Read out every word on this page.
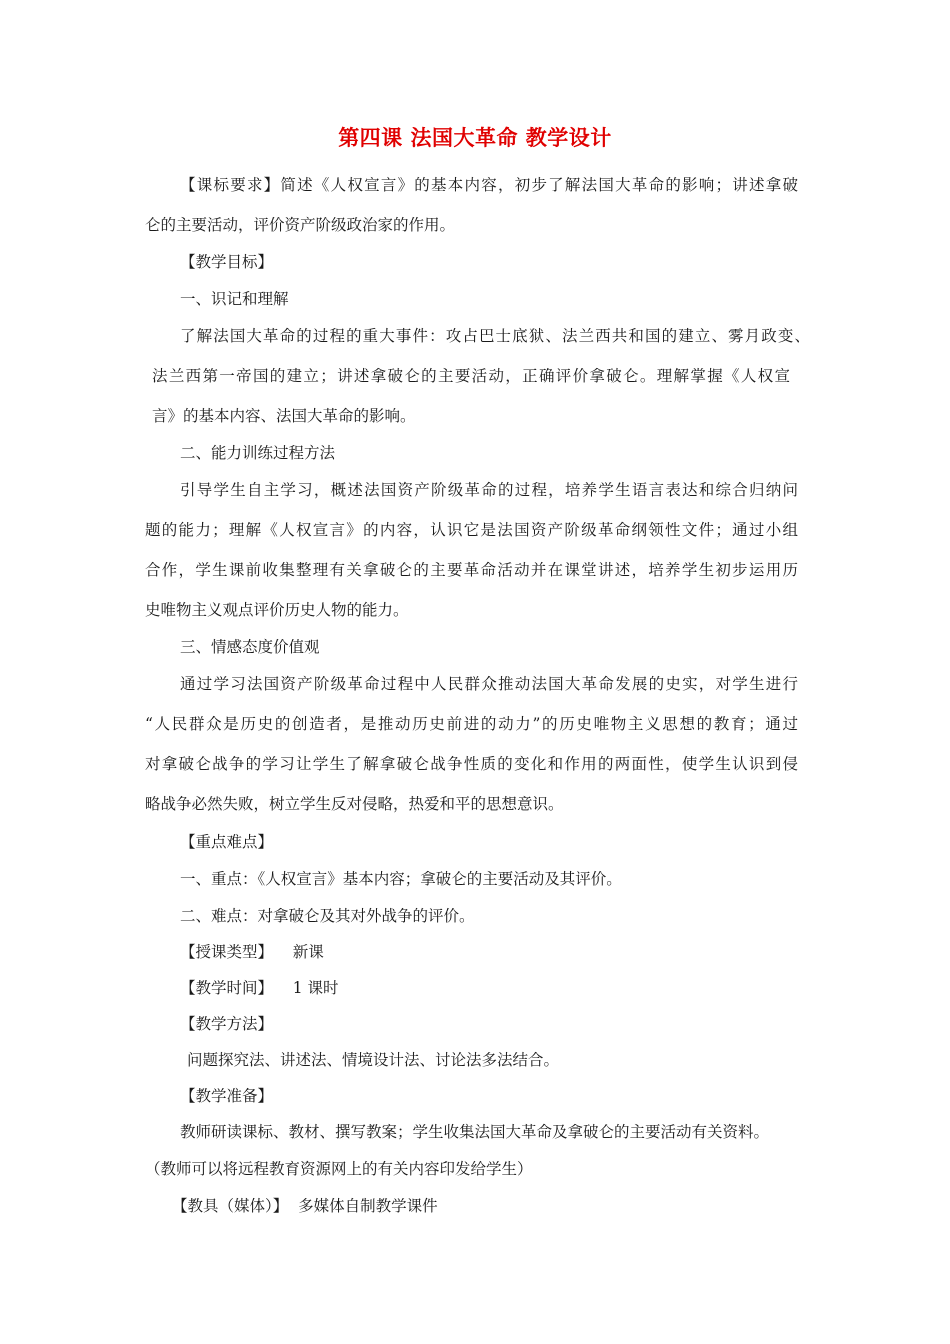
第四课 法国大革命 教学设计
【课标要求】简述《人权宣言》的基本内容，初步了解法国大革命的影响；讲述拿破
仑的主要活动，评价资产阶级政治家的作用。
【教学目标】
一、识记和理解
了解法国大革命的过程的重大事件：攻占巴士底狱、法兰西共和国的建立、雾月政变、
法兰西第一帝国的建立；讲述拿破仑的主要活动，正确评价拿破仑。理解掌握《人权宣
言》的基本内容、法国大革命的影响。
二、能力训练过程方法
引导学生自主学习，概述法国资产阶级革命的过程，培养学生语言表达和综合归纳问
题的能力；理解《人权宣言》的内容，认识它是法国资产阶级革命纲领性文件；通过小组
合作，学生课前收集整理有关拿破仑的主要革命活动并在课堂讲述，培养学生初步运用历
史唯物主义观点评价历史人物的能力。
三、情感态度价值观
通过学习法国资产阶级革命过程中人民群众推动法国大革命发展的史实，对学生进行
“人民群众是历史的创造者，是推动历史前进的动力”的历史唯物主义思想的教育；通过
对拿破仑战争的学习让学生了解拿破仑战争性质的变化和作用的两面性，使学生认识到侵
略战争必然失败，树立学生反对侵略，热爱和平的思想意识。
【重点难点】
一、重点：《人权宣言》基本内容；拿破仑的主要活动及其评价。
二、难点：对拿破仑及其对外战争的评价。
【授课类型】    新课
【教学时间】    1 课时
【教学方法】
问题探究法、讲述法、情境设计法、讨论法多法结合。
【教学准备】
教师研读课标、教材、撰写教案；学生收集法国大革命及拿破仑的主要活动有关资料。
（教师可以将远程教育资源网上的有关内容印发给学生）
【教具（媒体）】  多媒体自制教学课件
